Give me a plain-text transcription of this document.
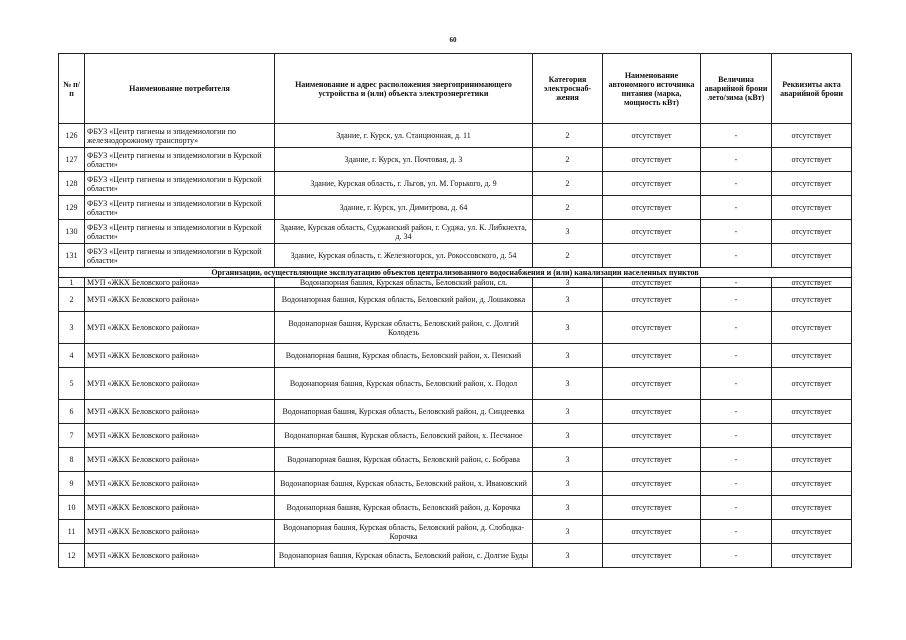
60
№ п/п	Наименование потребителя	Наименование и адрес расположения энергопринимающего устройства и (или) объекта электроэнергетики	Категория электроснаб-жения	Наименование автономного источника питания (марка, мощность кВт)	Величина аварийной брони лето/зима (кВт)	Реквизиты акта аварийной брони
126	ФБУЗ «Центр гигиены и эпидемиологии по железнодорожному транспорту»	Здание, г. Курск, ул. Станционная, д. 11	2	отсутствует	-	отсутствует
127	ФБУЗ «Центр гигиены и эпидемиологии в Курской области»	Здание, г. Курск, ул. Почтовая, д. 3	2	отсутствует	-	отсутствует
128	ФБУЗ «Центр гигиены и эпидемиологии в Курской области»	Здание, Курская область, г. Льгов, ул. М. Горького, д. 9	2	отсутствует	-	отсутствует
129	ФБУЗ «Центр гигиены и эпидемиологии в Курской области»	Здание, г. Курск, ул. Димитрова, д. 64	2	отсутствует	-	отсутствует
130	ФБУЗ «Центр гигиены и эпидемиологии в Курской области»	Здание, Курская область, Суджанский район, г. Суджа, ул. К. Либкнехта, д. 34	3	отсутствует	-	отсутствует
131	ФБУЗ «Центр гигиены и эпидемиологии в Курской области»	Здание, Курская область, г. Железногорск, ул. Рокоссовского, д. 54	2	отсутствует	-	отсутствует
Организации, осуществляющие эксплуатацию объектов централизованного водоснабжения и (или) канализации населенных пунктов						
1	МУП «ЖКХ Беловского района»	Водонапорная башня, Курская область, Беловский район, сл.	3	отсутствует	-	отсутствует
2	МУП «ЖКХ Беловского района»	Водонапорная башня, Курская область, Беловский район, д. Лошаковка	3	отсутствует	-	отсутствует
3	МУП «ЖКХ Беловского района»	Водонапорная башня, Курская область, Беловский район, с. Долгий Колодезь	3	отсутствует	-	отсутствует
4	МУП «ЖКХ Беловского района»	Водонапорная башня, Курская область, Беловский район, х. Пенский	3	отсутствует	-	отсутствует
5	МУП «ЖКХ Беловского района»	Водонапорная башня, Курская область, Беловский район, х. Подол	3	отсутствует	-	отсутствует
6	МУП «ЖКХ Беловского района»	Водонапорная башня, Курская область, Беловский район, д. Синдеевка	3	отсутствует	-	отсутствует
7	МУП «ЖКХ Беловского района»	Водонапорная башня, Курская область, Беловский район, х. Песчаное	3	отсутствует	-	отсутствует
8	МУП «ЖКХ Беловского района»	Водонапорная башня, Курская область, Беловский район, с. Бобрава	3	отсутствует	-	отсутствует
9	МУП «ЖКХ Беловского района»	Водонапорная башня, Курская область, Беловский район, х. Ивановский	3	отсутствует	-	отсутствует
10	МУП «ЖКХ Беловского района»	Водонапорная башня, Курская область, Беловский район, д. Корочка	3	отсутствует	-	отсутствует
11	МУП «ЖКХ Беловского района»	Водонапорная башня, Курская область, Беловский район, д. Слободка-Корочка	3	отсутствует	-	отсутствует
12	МУП «ЖКХ Беловского района»	Водонапорная башня, Курская область, Беловский район, с. Долгие Буды	3	отсутствует	-	отсутствует
